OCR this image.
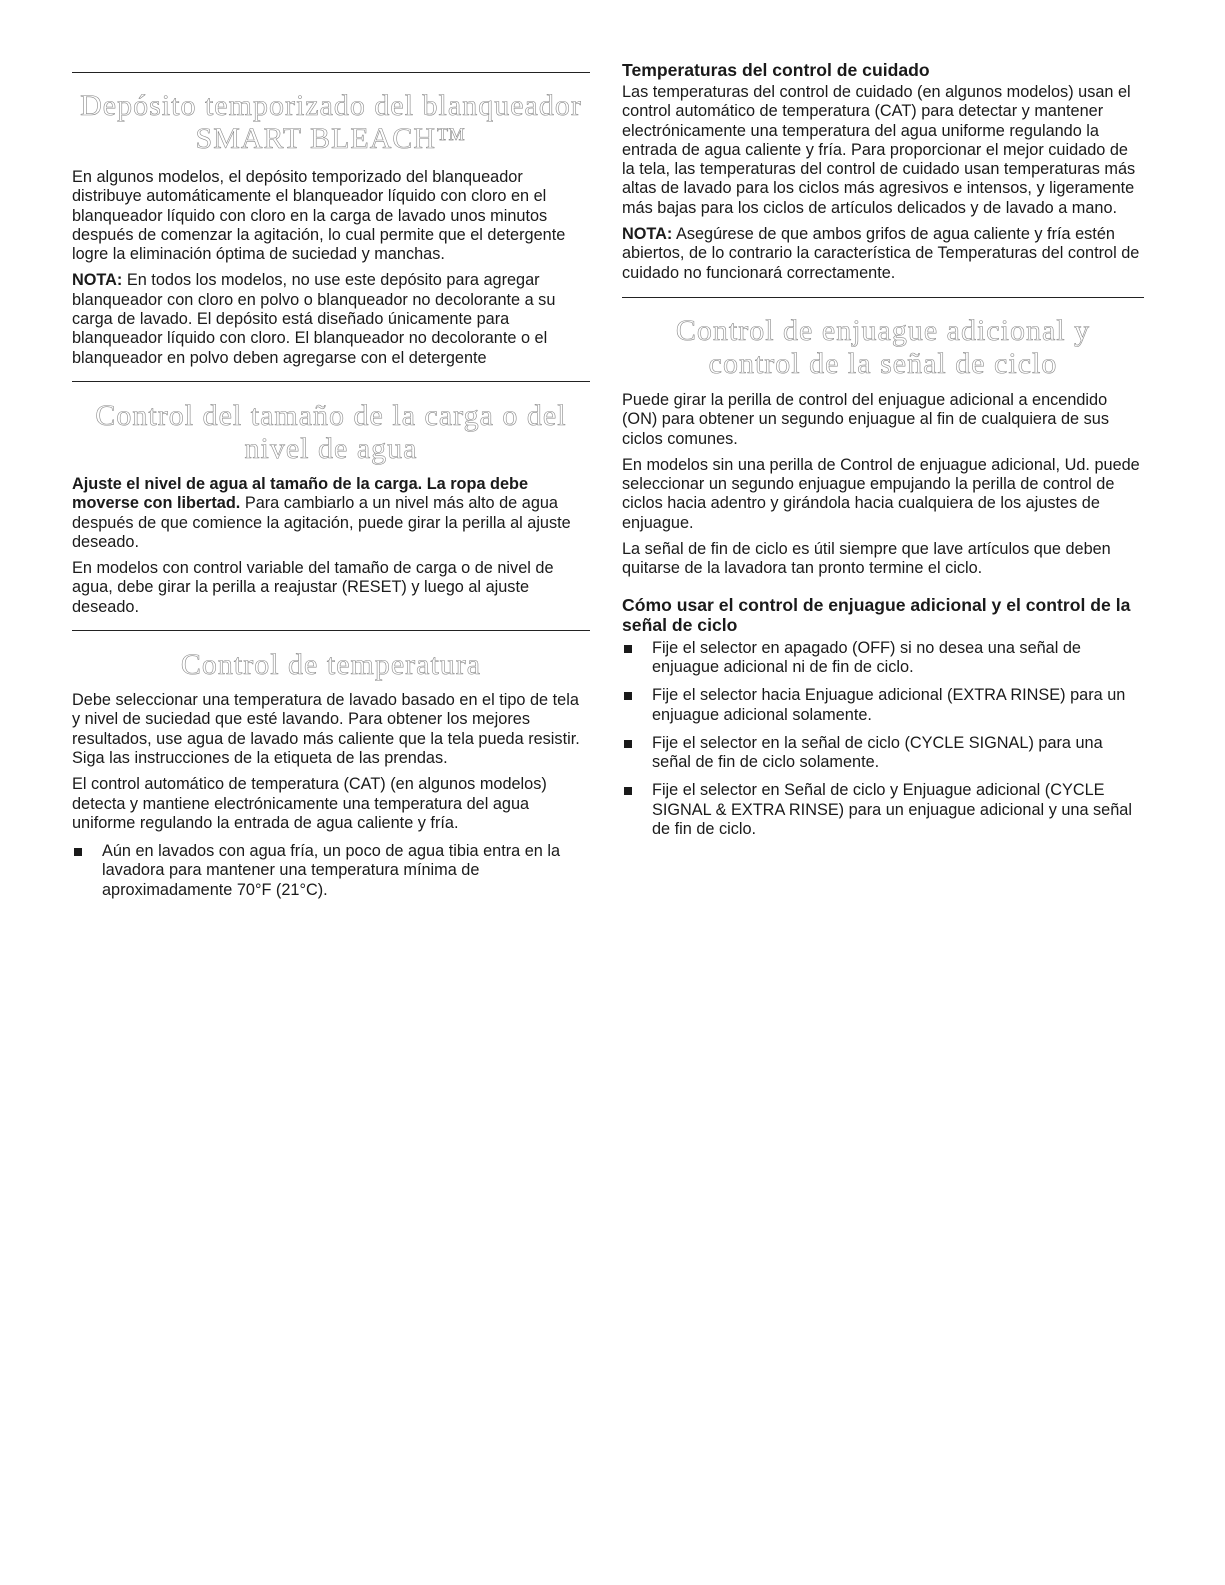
Depósito temporizado del blanqueador
SMART BLEACH™

En algunos modelos, el depósito temporizado del blanqueador distribuye automáticamente el blanqueador líquido con cloro en el blanqueador líquido con cloro en la carga de lavado unos minutos después de comenzar la agitación, lo cual permite que el detergente logre la eliminación óptima de suciedad y manchas.

NOTA: En todos los modelos, no use este depósito para agregar blanqueador con cloro en polvo o blanqueador no decolorante a su carga de lavado. El depósito está diseñado únicamente para blanqueador líquido con cloro. El blanqueador no decolorante o el blanqueador en polvo deben agregarse con el detergente

Control del tamaño de la carga o del nivel de agua

Ajuste el nivel de agua al tamaño de la carga. La ropa debe moverse con libertad. Para cambiarlo a un nivel más alto de agua después de que comience la agitación, puede girar la perilla al ajuste deseado.

En modelos con control variable del tamaño de carga o de nivel de agua, debe girar la perilla a reajustar (RESET) y luego al ajuste deseado.

Control de temperatura

Debe seleccionar una temperatura de lavado basado en el tipo de tela y nivel de suciedad que esté lavando. Para obtener los mejores resultados, use agua de lavado más caliente que la tela pueda resistir. Siga las instrucciones de la etiqueta de las prendas.

El control automático de temperatura (CAT) (en algunos modelos) detecta y mantiene electrónicamente una temperatura del agua uniforme regulando la entrada de agua caliente y fría.

Aún en lavados con agua fría, un poco de agua tibia entra en la lavadora para mantener una temperatura mínima de aproximadamente 70°F (21°C).
Temperaturas del control de cuidado

Las temperaturas del control de cuidado (en algunos modelos) usan el control automático de temperatura (CAT) para detectar y mantener electrónicamente una temperatura del agua uniforme regulando la entrada de agua caliente y fría. Para proporcionar el mejor cuidado de la tela, las temperaturas del control de cuidado usan temperaturas más altas de lavado para los ciclos más agresivos e intensos, y ligeramente más bajas para los ciclos de artículos delicados y de lavado a mano.

NOTA: Asegúrese de que ambos grifos de agua caliente y fría estén abiertos, de lo contrario la característica de Temperaturas del control de cuidado no funcionará correctamente.

Control de enjuague adicional y
control de la señal de ciclo

Puede girar la perilla de control del enjuague adicional a encendido (ON) para obtener un segundo enjuague al fin de cualquiera de sus ciclos comunes.

En modelos sin una perilla de Control de enjuague adicional, Ud. puede seleccionar un segundo enjuague empujando la perilla de control de ciclos hacia adentro y girándola hacia cualquiera de los ajustes de enjuague.

La señal de fin de ciclo es útil siempre que lave artículos que deben quitarse de la lavadora tan pronto termine el ciclo.

Cómo usar el control de enjuague adicional y el control de la señal de ciclo
Fije el selector en apagado (OFF) si no desea una señal de enjuague adicional ni de fin de ciclo.
Fije el selector hacia Enjuague adicional (EXTRA RINSE) para un enjuague adicional solamente.
Fije el selector en la señal de ciclo (CYCLE SIGNAL) para una señal de fin de ciclo solamente.
Fije el selector en Señal de ciclo y Enjuague adicional (CYCLE SIGNAL & EXTRA RINSE) para un enjuague adicional y una señal de fin de ciclo.
